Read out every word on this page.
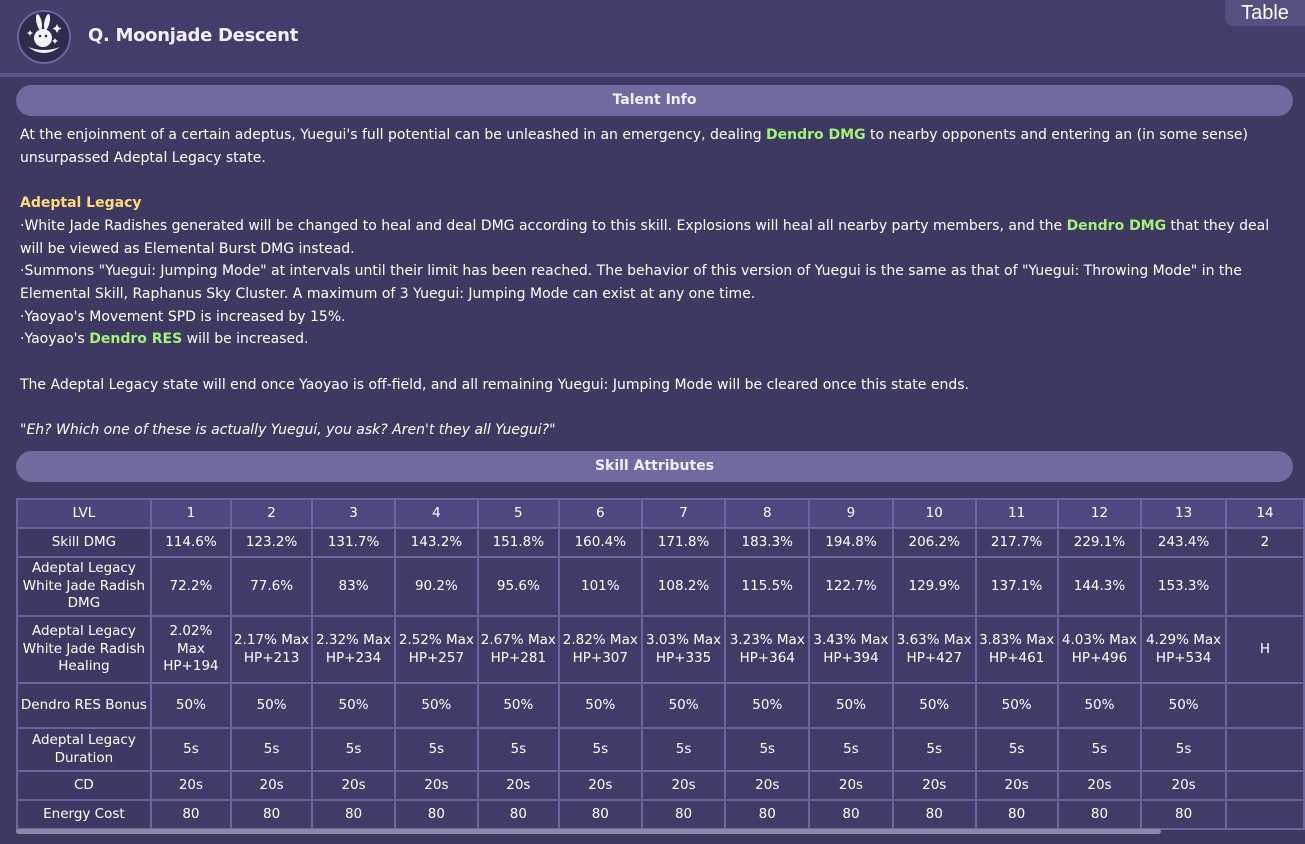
Q. Moonjade Descent
Table
Talent Info

At the enjoinment of a certain adeptus, Yuegui's full potential can be unleashed in an emergency, dealing Dendro DMG to nearby opponents and entering an (in some sense) unsurpassed Adeptal Legacy state.

Adeptal Legacy

·White Jade Radishes generated will be changed to heal and deal DMG according to this skill. Explosions will heal all nearby party members, and the Dendro DMG that they deal will be viewed as Elemental Burst DMG instead.

·Summons "Yuegui: Jumping Mode" at intervals until their limit has been reached. The behavior of this version of Yuegui is the same as that of "Yuegui: Throwing Mode" in the Elemental Skill, Raphanus Sky Cluster. A maximum of 3 Yuegui: Jumping Mode can exist at any one time.

·Yaoyao's Movement SPD is increased by 15%.

·Yaoyao's Dendro RES will be increased.

The Adeptal Legacy state will end once Yaoyao is off-field, and all remaining Yuegui: Jumping Mode will be cleared once this state ends.

"Eh? Which one of these is actually Yuegui, you ask? Aren't they all Yuegui?"

Skill Attributes
LVL	1	2	3	4	5	6	7	8	9	10	11	12	13	14
Skill DMG	114.6%	123.2%	131.7%	143.2%	151.8%	160.4%	171.8%	183.3%	194.8%	206.2%	217.7%	229.1%	243.4%	2
Adeptal Legacy White Jade Radish DMG	72.2%	77.6%	83%	90.2%	95.6%	101%	108.2%	115.5%	122.7%	129.9%	137.1%	144.3%	153.3%	
Adeptal Legacy White Jade Radish Healing	2.02% Max HP+194	2.17% Max HP+213	2.32% Max HP+234	2.52% Max HP+257	2.67% Max HP+281	2.82% Max HP+307	3.03% Max HP+335	3.23% Max HP+364	3.43% Max HP+394	3.63% Max HP+427	3.83% Max HP+461	4.03% Max HP+496	4.29% Max HP+534	H
Dendro RES Bonus	50%	50%	50%	50%	50%	50%	50%	50%	50%	50%	50%	50%	50%	
Adeptal Legacy Duration	5s	5s	5s	5s	5s	5s	5s	5s	5s	5s	5s	5s	5s	
CD	20s	20s	20s	20s	20s	20s	20s	20s	20s	20s	20s	20s	20s	
Energy Cost	80	80	80	80	80	80	80	80	80	80	80	80	80	
